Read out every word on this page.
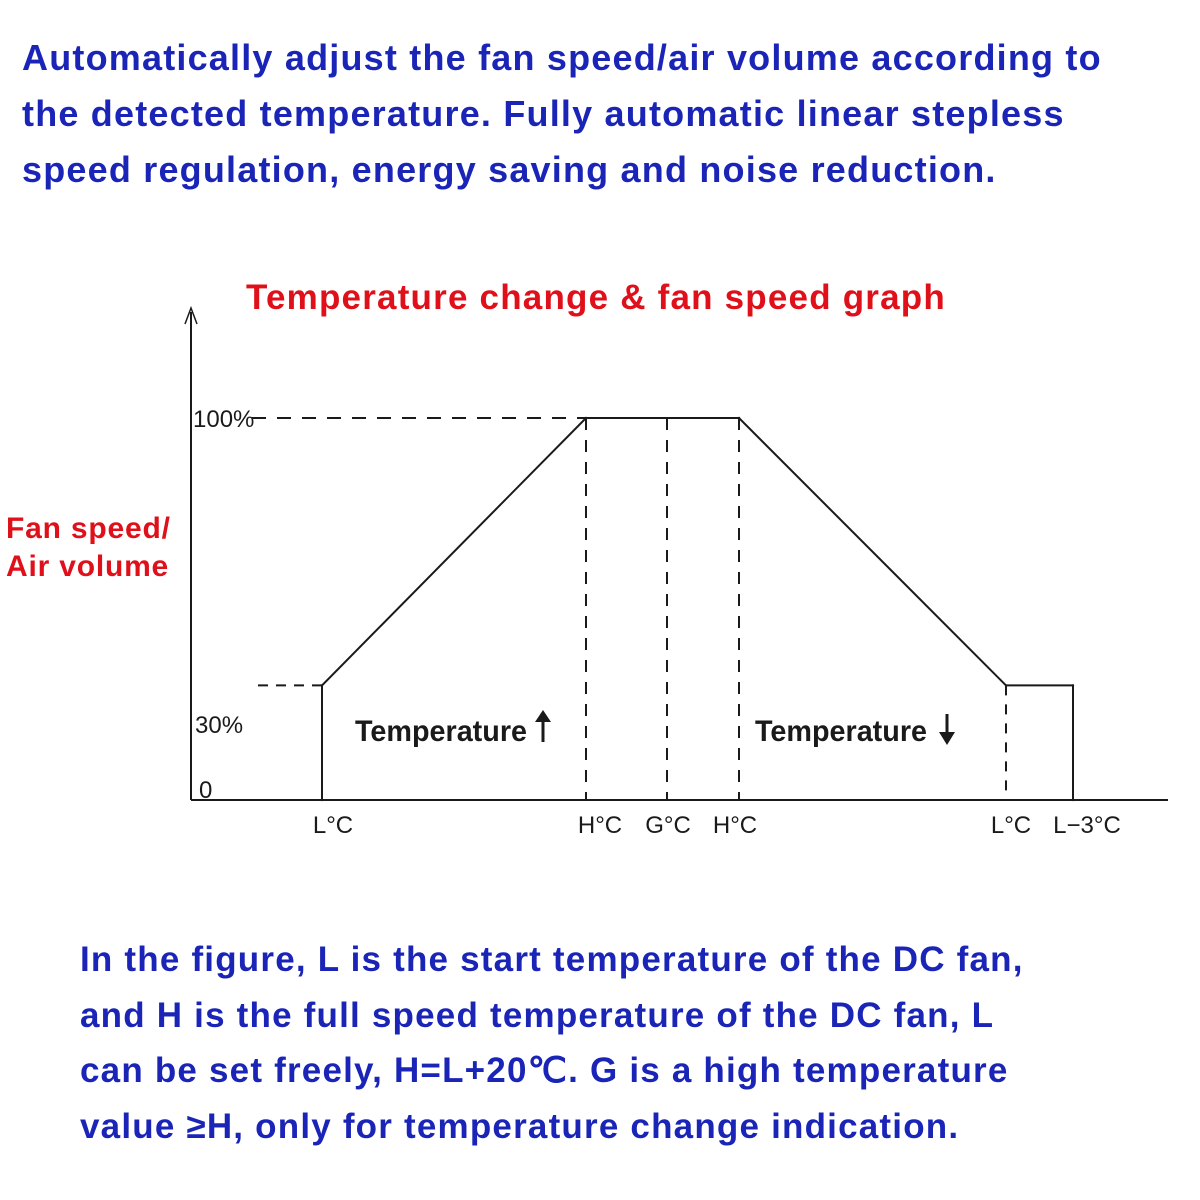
Automatically adjust the fan speed/air volume according to
the detected temperature. Fully automatic linear stepless
speed regulation, energy saving and noise reduction.
Temperature change & fan speed graph
Fan speed/
Air volume
0
30%
100%
L°C	H°C G°C H°C	L°C L−3°C
Temperature	Temperature
In the figure, L is the start temperature of the DC fan,
and H is the full speed temperature of the DC fan, L
can be set freely, H=L+20℃. G is a high temperature
value ≥H, only for temperature change indication.
